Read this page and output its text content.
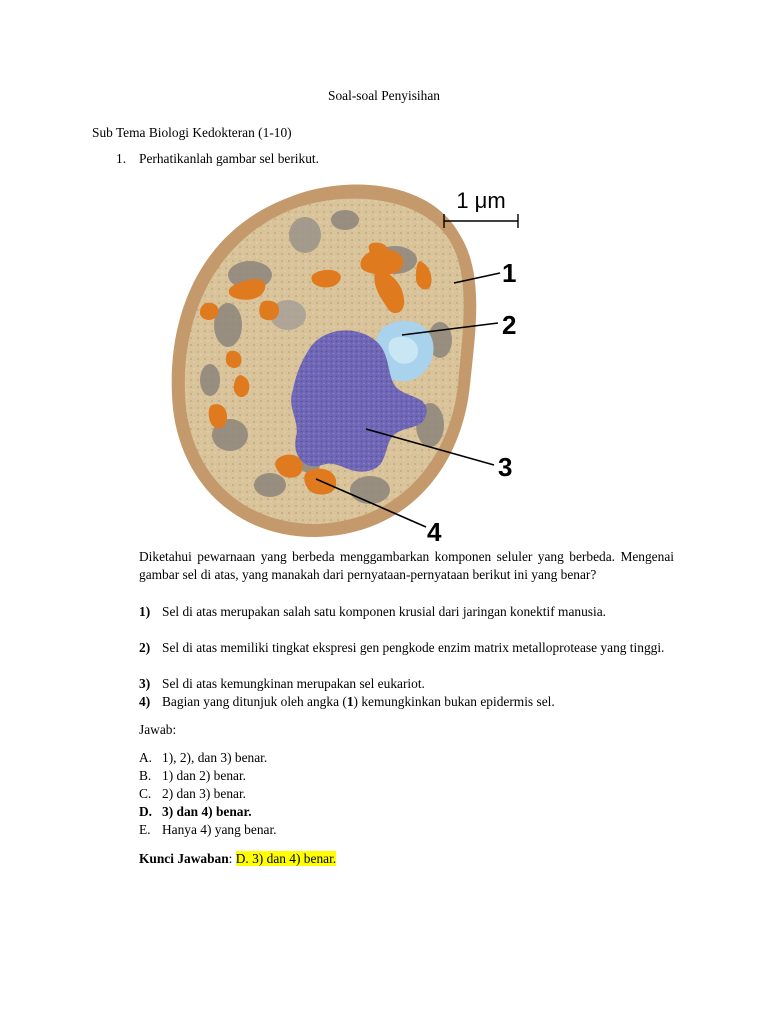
Soal-soal Penyisihan
Sub Tema Biologi Kedokteran (1-10)
1. Perhatikanlah gambar sel berikut.
1 μm
1
2
3
4
Diketahui pewarnaan yang berbeda menggambarkan komponen seluler yang berbeda. Mengenai gambar sel di atas, yang manakah dari pernyataan-pernyataan berikut ini yang benar?
1) Sel di atas merupakan salah satu komponen krusial dari jaringan konektif manusia.
2) Sel di atas memiliki tingkat ekspresi gen pengkode enzim matrix metalloprotease yang tinggi.
3) Sel di atas kemungkinan merupakan sel eukariot.
4) Bagian yang ditunjuk oleh angka (1) kemungkinkan bukan epidermis sel.
Jawab:
A. 1), 2), dan 3) benar.
B. 1) dan 2) benar.
C. 2) dan 3) benar.
D. 3) dan 4) benar.
E. Hanya 4) yang benar.
Kunci Jawaban: D. 3) dan 4) benar.
